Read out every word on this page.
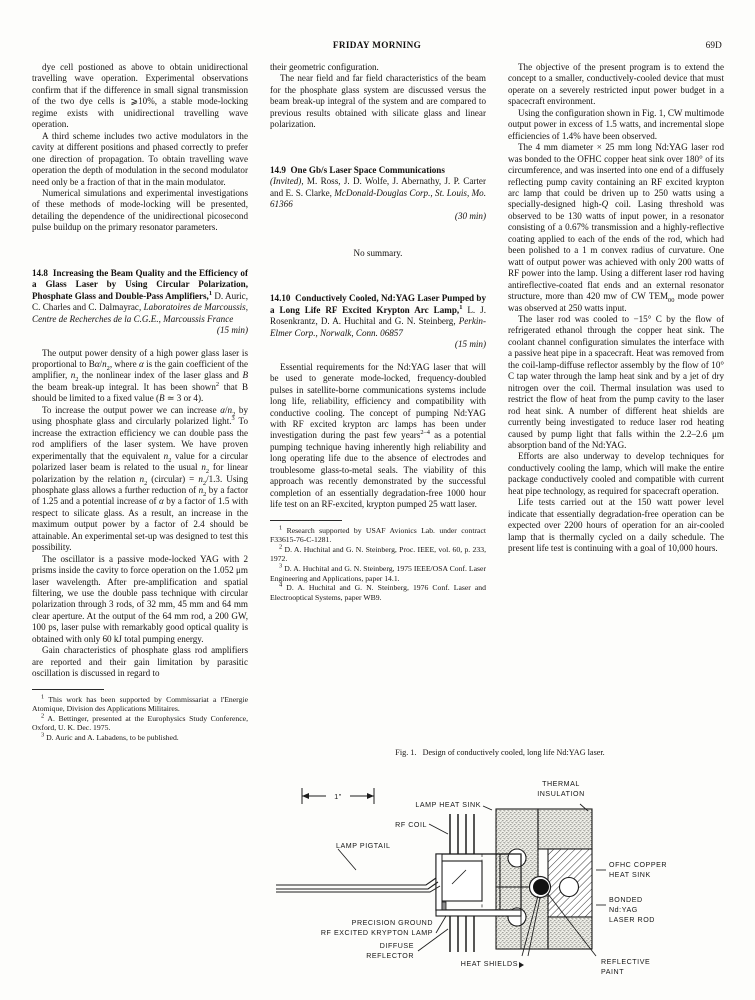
FRIDAY MORNING	69D

dye cell postioned as above to obtain unidirectional travelling wave operation. Experimental observations confirm that if the difference in small signal transmission of the two dye cells is ⩾10%, a stable mode-locking regime exists with unidirectional travelling wave operation.

A third scheme includes two active modulators in the cavity at different positions and phased correctly to prefer one direction of propagation. To obtain travelling wave operation the depth of modulation in the second modulator need only be a fraction of that in the main modulator.

Numerical simulations and experimental investigations of these methods of mode-locking will be presented, detailing the dependence of the unidirectional picosecond pulse buildup on the primary resonator parameters.

14.8 Increasing the Beam Quality and the Efficiency of a Glass Laser by Using Circular Polarization, Phosphate Glass and Double-Pass Amplifiers,$^1$ D. Auric, C. Charles and C. Dalmayrac, Laboratoires de Marcoussis, Centre de Recherches de la C.G.E., Marcoussis France

(15 min)

The output power density of a high power glass laser is proportional to $B\alpha/n_2$, where α is the gain coefficient of the amplifier, $n_2$ the nonlinear index of the laser glass and B the beam break-up integral. It has been shown$^2$ that B should be limited to a fixed value (B ≃ 3 or 4).

To increase the output power we can increase $\alpha/n_2$ by using phosphate glass and circularly polarized light.$^3$ To increase the extraction efficiency we can double pass the rod amplifiers of the laser system. We have proven experimentally that the equivalent $n_2$ value for a circular polarized laser beam is related to the usual $n_2$ for linear polarization by the relation $n_2$ (circular) = $n_2/1.3$. Using phosphate glass allows a further reduction of $n_2$ by a factor of 1.25 and a potential increase of α by a factor of 1.5 with respect to silicate glass. As a result, an increase in the maximum output power by a factor of 2.4 should be attainable. An experimental set-up was designed to test this possibility.

The oscillator is a passive mode-locked YAG with 2 prisms inside the cavity to force operation on the 1.052 μm laser wavelength. After pre-amplification and spatial filtering, we use the double pass technique with circular polarization through 3 rods, of 32 mm, 45 mm and 64 mm clear aperture. At the output of the 64 mm rod, a 200 GW, 100 ps, laser pulse with remarkably good optical quality is obtained with only 60 kJ total pumping energy.

Gain characteristics of phosphate glass rod amplifiers are reported and their gain limitation by parasitic oscillation is discussed in regard to

$^1$ This work has been supported by Commissariat a l'Energie Atomique, Division des Applications Militaires.

$^2$ A. Bettinger, presented at the Europhysics Study Conference, Oxford, U. K. Dec. 1975.

$^3$ D. Auric and A. Labadens, to be published.

their geometric configuration.

The near field and far field characteristics of the beam for the phosphate glass system are discussed versus the beam break-up integral of the system and are compared to previous results obtained with silicate glass and linear polarization.

14.9 One Gb/s Laser Space Communications
(Invited), M. Ross, J. D. Wolfe, J. Abernathy, J. P. Carter and E. S. Clarke, McDonald-Douglas Corp., St. Louis, Mo. 61366

(30 min)

No summary.

14.10 Conductively Cooled, Nd:YAG Laser Pumped by a Long Life RF Excited Krypton Arc Lamp,$^1$ L. J. Rosenkrantz, D. A. Huchital and G. N. Steinberg, Perkin-Elmer Corp., Norwalk, Conn. 06857

(15 min)

Essential requirements for the Nd:YAG laser that will be used to generate mode-locked, frequency-doubled pulses in satellite-borne communications systems include long life, reliability, efficiency and compatibility with conductive cooling. The concept of pumping Nd:YAG with RF excited krypton arc lamps has been under investigation during the past few years$^{2-4}$ as a potential pumping technique having inherently high reliability and long operating life due to the absence of electrodes and troublesome glass-to-metal seals. The viability of this approach was recently demonstrated by the successful completion of an essentially degradation-free 1000 hour life test on an RF-excited, krypton pumped 25 watt laser.

$^1$ Research supported by USAF Avionics Lab. under contract F33615-76-C-1281.

$^2$ D. A. Huchital and G. N. Steinberg, Proc. IEEE, vol. 60, p. 233, 1972.

$^3$ D. A. Huchital and G. N. Steinberg, 1975 IEEE/OSA Conf. Laser Engineering and Applications, paper 14.1.

$^4$ D. A. Huchital and G. N. Steinberg, 1976 Conf. Laser and Electrooptical Systems, paper WB9.

The objective of the present program is to extend the concept to a smaller, conductively-cooled device that must operate on a severely restricted input power budget in a spacecraft environment.

Using the configuration shown in Fig. 1, CW multimode output power in excess of 1.5 watts, and incremental slope efficiencies of 1.4% have been observed.

The 4 mm diameter × 25 mm long Nd:YAG laser rod was bonded to the OFHC copper heat sink over 180° of its circumference, and was inserted into one end of a diffusely reflecting pump cavity containing an RF excited krypton arc lamp that could be driven up to 250 watts using a specially-designed high-Q coil. Lasing threshold was observed to be 130 watts of input power, in a resonator consisting of a 0.67% transmission and a highly-reflective coating applied to each of the ends of the rod, which had been polished to a 1 m convex radius of curvature. One watt of output power was achieved with only 200 watts of RF power into the lamp. Using a different laser rod having antireflective-coated flat ends and an external resonator structure, more than 420 mw of CW $TEM_{00}$ mode power was observed at 250 watts input.

The laser rod was cooled to −15° C by the flow of refrigerated ethanol through the copper heat sink. The coolant channel configuration simulates the interface with a passive heat pipe in a spacecraft. Heat was removed from the coil-lamp-diffuse reflector assembly by the flow of 10° C tap water through the lamp heat sink and by a jet of dry nitrogen over the coil. Thermal insulation was used to restrict the flow of heat from the pump cavity to the laser rod heat sink. A number of different heat shields are currently being investigated to reduce laser rod heating caused by pump light that falls within the 2.2–2.6 μm absorption band of the Nd:YAG.

Efforts are also underway to develop techniques for conductively cooling the lamp, which will make the entire package conductively cooled and compatible with current heat pipe technology, as required for spacecraft operation.

Life tests carried out at the 150 watt power level indicate that essentially degradation-free operation can be expected over 2200 hours of operation for an air-cooled lamp that is thermally cycled on a daily schedule. The present life test is continuing with a goal of 10,000 hours.

Fig. 1. Design of conductively cooled, long life Nd:YAG laser.
1"
LAMP HEAT SINK
THERMAL
INSULATION
RF COIL
LAMP PIGTAIL
OFHC COPPER
HEAT SINK
PRECISION GROUND
RF EXCITED KRYPTON LAMP
BONDED
Nd:YAG
LASER ROD
DIFFUSE
REFLECTOR
HEAT SHIELDS	REFLECTIVE
PAINT
